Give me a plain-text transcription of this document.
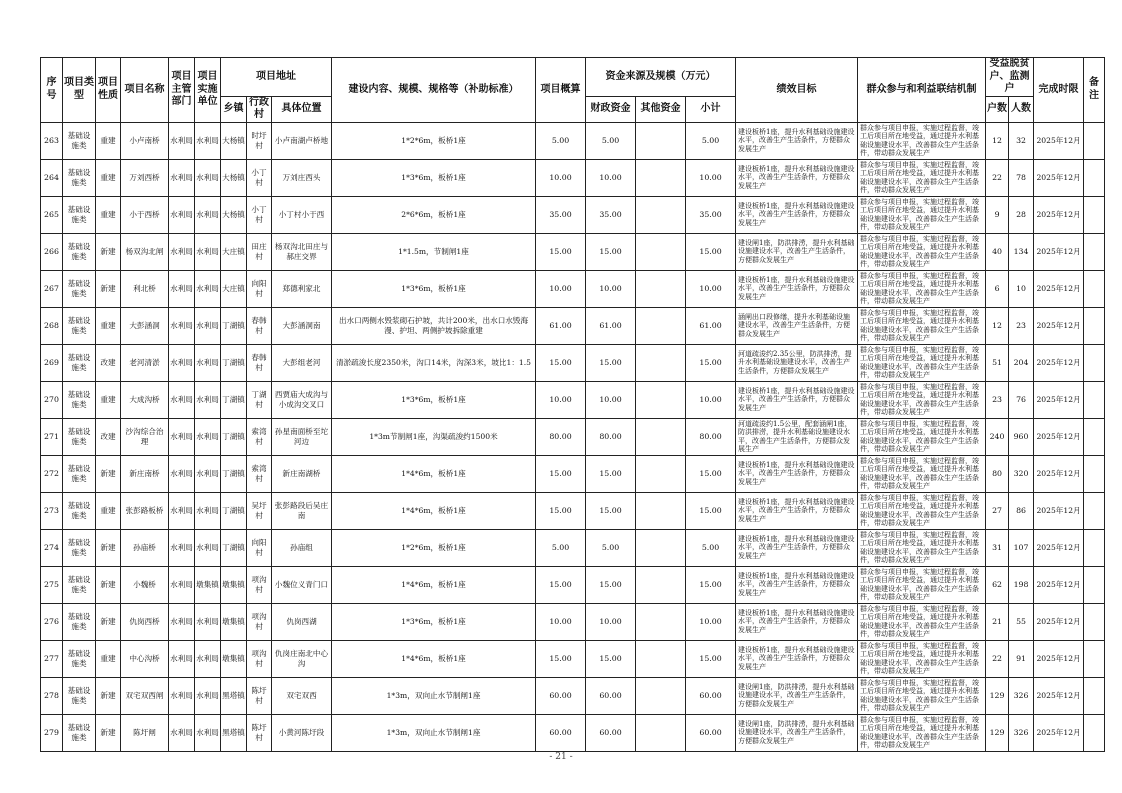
序号	项目类型	项目性质	项目名称	项目主管部门	项目实施单位	项目地址			建设内容、规模、规格等（补助标准）	项目概算	资金来源及规模（万元）			绩效目标	群众参与和利益联结机制	受益脱贫户、监测户		完成时限	备注
						乡镇	行政村	具体位置			财政资金	其他资金	小计			户数	人数		
263	基础设施类	重建	小卢南桥	水利局	水利局	大杨镇	时圩村	小卢南湖卢桥地	1*2*6m，板桥1座	5.00	5.00		5.00	建设板桥1座，提升水利基础设施建设水平，改善生产生活条件，方便群众发展生产	群众参与项目申报，实施过程监督，竣工后项目所在地受益，通过提升水利基础设施建设水平，改善群众生产生活条件，带动群众发展生产	12	32	2025年12月	
264	基础设施类	重建	万刘西桥	水利局	水利局	大杨镇	小丁村	万刘庄西头	1*3*6m，板桥1座	10.00	10.00		10.00	建设板桥1座，提升水利基础设施建设水平，改善生产生活条件，方便群众发展生产	群众参与项目申报，实施过程监督，竣工后项目所在地受益，通过提升水利基础设施建设水平，改善群众生产生活条件，带动群众发展生产	22	78	2025年12月	
265	基础设施类	重建	小于西桥	水利局	水利局	大杨镇	小丁村	小丁村小于西	2*6*6m，板桥1座	35.00	35.00		35.00	建设板桥1座，提升水利基础设施建设水平，改善生产生活条件，方便群众发展生产	群众参与项目申报，实施过程监督，竣工后项目所在地受益，通过提升水利基础设施建设水平，改善群众生产生活条件，带动群众发展生产	9	28	2025年12月	
266	基础设施类	新建	杨双沟北闸	水利局	水利局	大庄镇	田庄村	杨双沟北田庄与郝庄交界	1*1.5m，节制闸1座	15.00	15.00		15.00	建设闸1座，防洪排涝，提升水利基础设施建设水平，改善生产生活条件，方便群众发展生产	群众参与项目申报，实施过程监督，竣工后项目所在地受益，通过提升水利基础设施建设水平，改善群众生产生活条件，带动群众发展生产	40	134	2025年12月	
267	基础设施类	新建	利北桥	水利局	水利局	大庄镇	向阳村	郑德利家北	1*3*6m，板桥1座	10.00	10.00		10.00	建设板桥1座，提升水利基础设施建设水平，改善生产生活条件，方便群众发展生产	群众参与项目申报，实施过程监督，竣工后项目所在地受益，通过提升水利基础设施建设水平，改善群众生产生活条件，带动群众发展生产	6	10	2025年12月	
268	基础设施类	重建	大彭涵洞	水利局	水利局	丁湖镇	春韩村	大彭涵洞南	出水口两侧水毁浆砌石护坡，共计200米，出水口水毁海漫、护坦、两侧护坡拆除重建	61.00	61.00		61.00	涵闸出口段修缮，提升水利基础设施建设水平，改善生产生活条件，方便群众发展生产	群众参与项目申报，实施过程监督，竣工后项目所在地受益，通过提升水利基础设施建设水平，改善群众生产生活条件，带动群众发展生产	12	23	2025年12月	
269	基础设施类	改建	老河清淤	水利局	水利局	丁湖镇	春韩村	大彭组老河	清淤疏浚长度2350米，沟口14米，沟深3米，坡比1：1.5	15.00	15.00		15.00	河道疏浚约2.35公里，防洪排涝，提升水利基础设施建设水平，改善生产生活条件，方便群众发展生产	群众参与项目申报，实施过程监督，竣工后项目所在地受益，通过提升水利基础设施建设水平，改善群众生产生活条件，带动群众发展生产	51	204	2025年12月	
270	基础设施类	重建	大成沟桥	水利局	水利局	丁湖镇	丁湖村	西贾庙大成沟与小成沟交叉口	1*3*6m，板桥1座	10.00	10.00		10.00	建设板桥1座，提升水利基础设施建设水平，改善生产生活条件，方便群众发展生产	群众参与项目申报，实施过程监督，竣工后项目所在地受益，通过提升水利基础设施建设水平，改善群众生产生活条件，带动群众发展生产	23	76	2025年12月	
271	基础设施类	改建	沙沟综合治理	水利局	水利局	丁湖镇	索湾村	孙星南面桥至坨河边	1*3m节制闸1座，沟渠疏浚约1500米	80.00	80.00		80.00	河道疏浚约1.5公里，配套涵闸1座，防洪排涝，提升水利基础设施建设水平，改善生产生活条件，方便群众发展生产	群众参与项目申报，实施过程监督，竣工后项目所在地受益，通过提升水利基础设施建设水平，改善群众生产生活条件，带动群众发展生产	240	960	2025年12月	
272	基础设施类	新建	新庄南桥	水利局	水利局	丁湖镇	索湾村	新庄南湖桥	1*4*6m，板桥1座	15.00	15.00		15.00	建设板桥1座，提升水利基础设施建设水平，改善生产生活条件，方便群众发展生产	群众参与项目申报，实施过程监督，竣工后项目所在地受益，通过提升水利基础设施建设水平，改善群众生产生活条件，带动群众发展生产	80	320	2025年12月	
273	基础设施类	重建	张彭路板桥	水利局	水利局	丁湖镇	吴圩村	张彭路段后吴庄南	1*4*6m，板桥1座	15.00	15.00		15.00	建设板桥1座，提升水利基础设施建设水平，改善生产生活条件，方便群众发展生产	群众参与项目申报，实施过程监督，竣工后项目所在地受益，通过提升水利基础设施建设水平，改善群众生产生活条件，带动群众发展生产	27	86	2025年12月	
274	基础设施类	新建	孙庙桥	水利局	水利局	丁湖镇	向阳村	孙庙组	1*2*6m，板桥1座	5.00	5.00		5.00	建设板桥1座，提升水利基础设施建设水平，改善生产生活条件，方便群众发展生产	群众参与项目申报，实施过程监督，竣工后项目所在地受益，通过提升水利基础设施建设水平，改善群众生产生活条件，带动群众发展生产	31	107	2025年12月	
275	基础设施类	新建	小魏桥	水利局	墩集镇	墩集镇	项沟村	小魏位义青门口	1*4*6m，板桥1座	15.00	15.00		15.00	建设板桥1座，提升水利基础设施建设水平，改善生产生活条件，方便群众发展生产	群众参与项目申报，实施过程监督，竣工后项目所在地受益，通过提升水利基础设施建设水平，改善群众生产生活条件，带动群众发展生产	62	198	2025年12月	
276	基础设施类	新建	仇岗西桥	水利局	水利局	墩集镇	项沟村	仇岗西湖	1*3*6m，板桥1座	10.00	10.00		10.00	建设板桥1座，提升水利基础设施建设水平，改善生产生活条件，方便群众发展生产	群众参与项目申报，实施过程监督，竣工后项目所在地受益，通过提升水利基础设施建设水平，改善群众生产生活条件，带动群众发展生产	21	55	2025年12月	
277	基础设施类	重建	中心沟桥	水利局	水利局	墩集镇	项沟村	仇岗庄南北中心沟	1*4*6m，板桥1座	15.00	15.00		15.00	建设板桥1座，提升水利基础设施建设水平，改善生产生活条件，方便群众发展生产	群众参与项目申报，实施过程监督，竣工后项目所在地受益，通过提升水利基础设施建设水平，改善群众生产生活条件，带动群众发展生产	22	91	2025年12月	
278	基础设施类	新建	双宅双西闸	水利局	水利局	黑塔镇	陈圩村	双宅双西	1*3m，双向止水节制闸1座	60.00	60.00		60.00	建设闸1座，防洪排涝，提升水利基础设施建设水平，改善生产生活条件，方便群众发展生产	群众参与项目申报，实施过程监督，竣工后项目所在地受益，通过提升水利基础设施建设水平，改善群众生产生活条件，带动群众发展生产	129	326	2025年12月	
279	基础设施类	新建	陈圩闸	水利局	水利局	黑塔镇	陈圩村	小黄河陈圩段	1*3m，双向止水节制闸1座	60.00	60.00		60.00	建设闸1座，防洪排涝，提升水利基础设施建设水平，改善生产生活条件，方便群众发展生产	群众参与项目申报，实施过程监督，竣工后项目所在地受益，通过提升水利基础设施建设水平，改善群众生产生活条件，带动群众发展生产	129	326	2025年12月	
- 21 -
